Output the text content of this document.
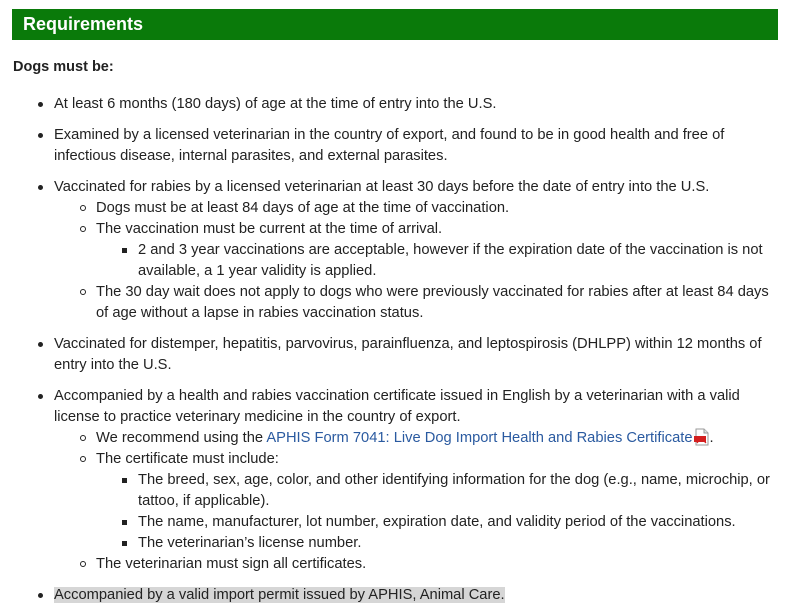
Requirements
Dogs must be:
At least 6 months (180 days) of age at the time of entry into the U.S.
Examined by a licensed veterinarian in the country of export, and found to be in good health and free of infectious disease, internal parasites, and external parasites.
Vaccinated for rabies by a licensed veterinarian at least 30 days before the date of entry into the U.S.
Dogs must be at least 84 days of age at the time of vaccination.
The vaccination must be current at the time of arrival.
2 and 3 year vaccinations are acceptable, however if the expiration date of the vaccination is not available, a 1 year validity is applied.
The 30 day wait does not apply to dogs who were previously vaccinated for rabies after at least 84 days of age without a lapse in rabies vaccination status.
Vaccinated for distemper, hepatitis, parvovirus, parainfluenza, and leptospirosis (DHLPP) within 12 months of entry into the U.S.
Accompanied by a health and rabies vaccination certificate issued in English by a veterinarian with a valid license to practice veterinary medicine in the country of export.
We recommend using the APHIS Form 7041: Live Dog Import Health and Rabies Certificate .
The certificate must include:
The breed, sex, age, color, and other identifying information for the dog (e.g., name, microchip, or tattoo, if applicable).
The name, manufacturer, lot number, expiration date, and validity period of the vaccinations.
The veterinarian’s license number.
The veterinarian must sign all certificates.
Accompanied by a valid import permit issued by APHIS, Animal Care.
